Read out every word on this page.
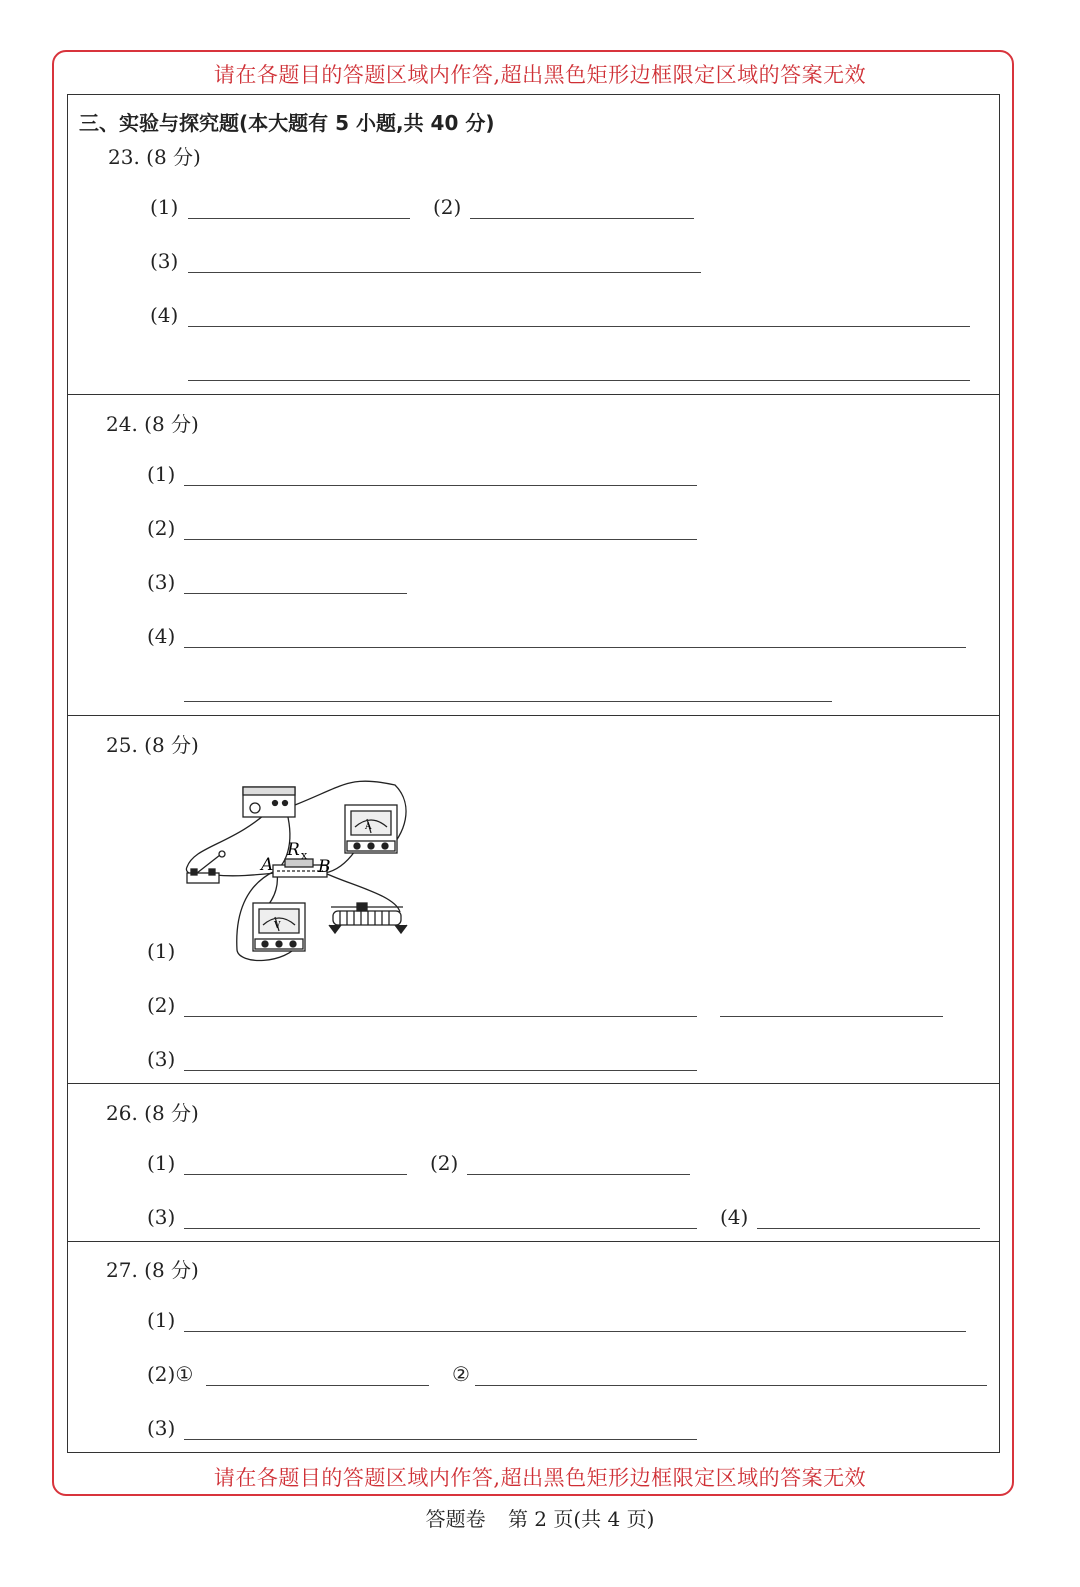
请在各题目的答题区域内作答,超出黑色矩形边框限定区域的答案无效
请在各题目的答题区域内作答,超出黑色矩形边框限定区域的答案无效
三、实验与探究题(本大题有 5 小题,共 40 分)
23. (8 分)
(1)	(2)
(3)
(4)
24. (8 分)
(1)
(2)
(3)
(4)
25. (8 分)
R x
A	B
A
V
(1)
(2)
(3)
26. (8 分)
(1)	(2)
(3)	(4)
27. (8 分)
(1)
(2)①	②
(3)
答题卷 第 2 页(共 4 页)
